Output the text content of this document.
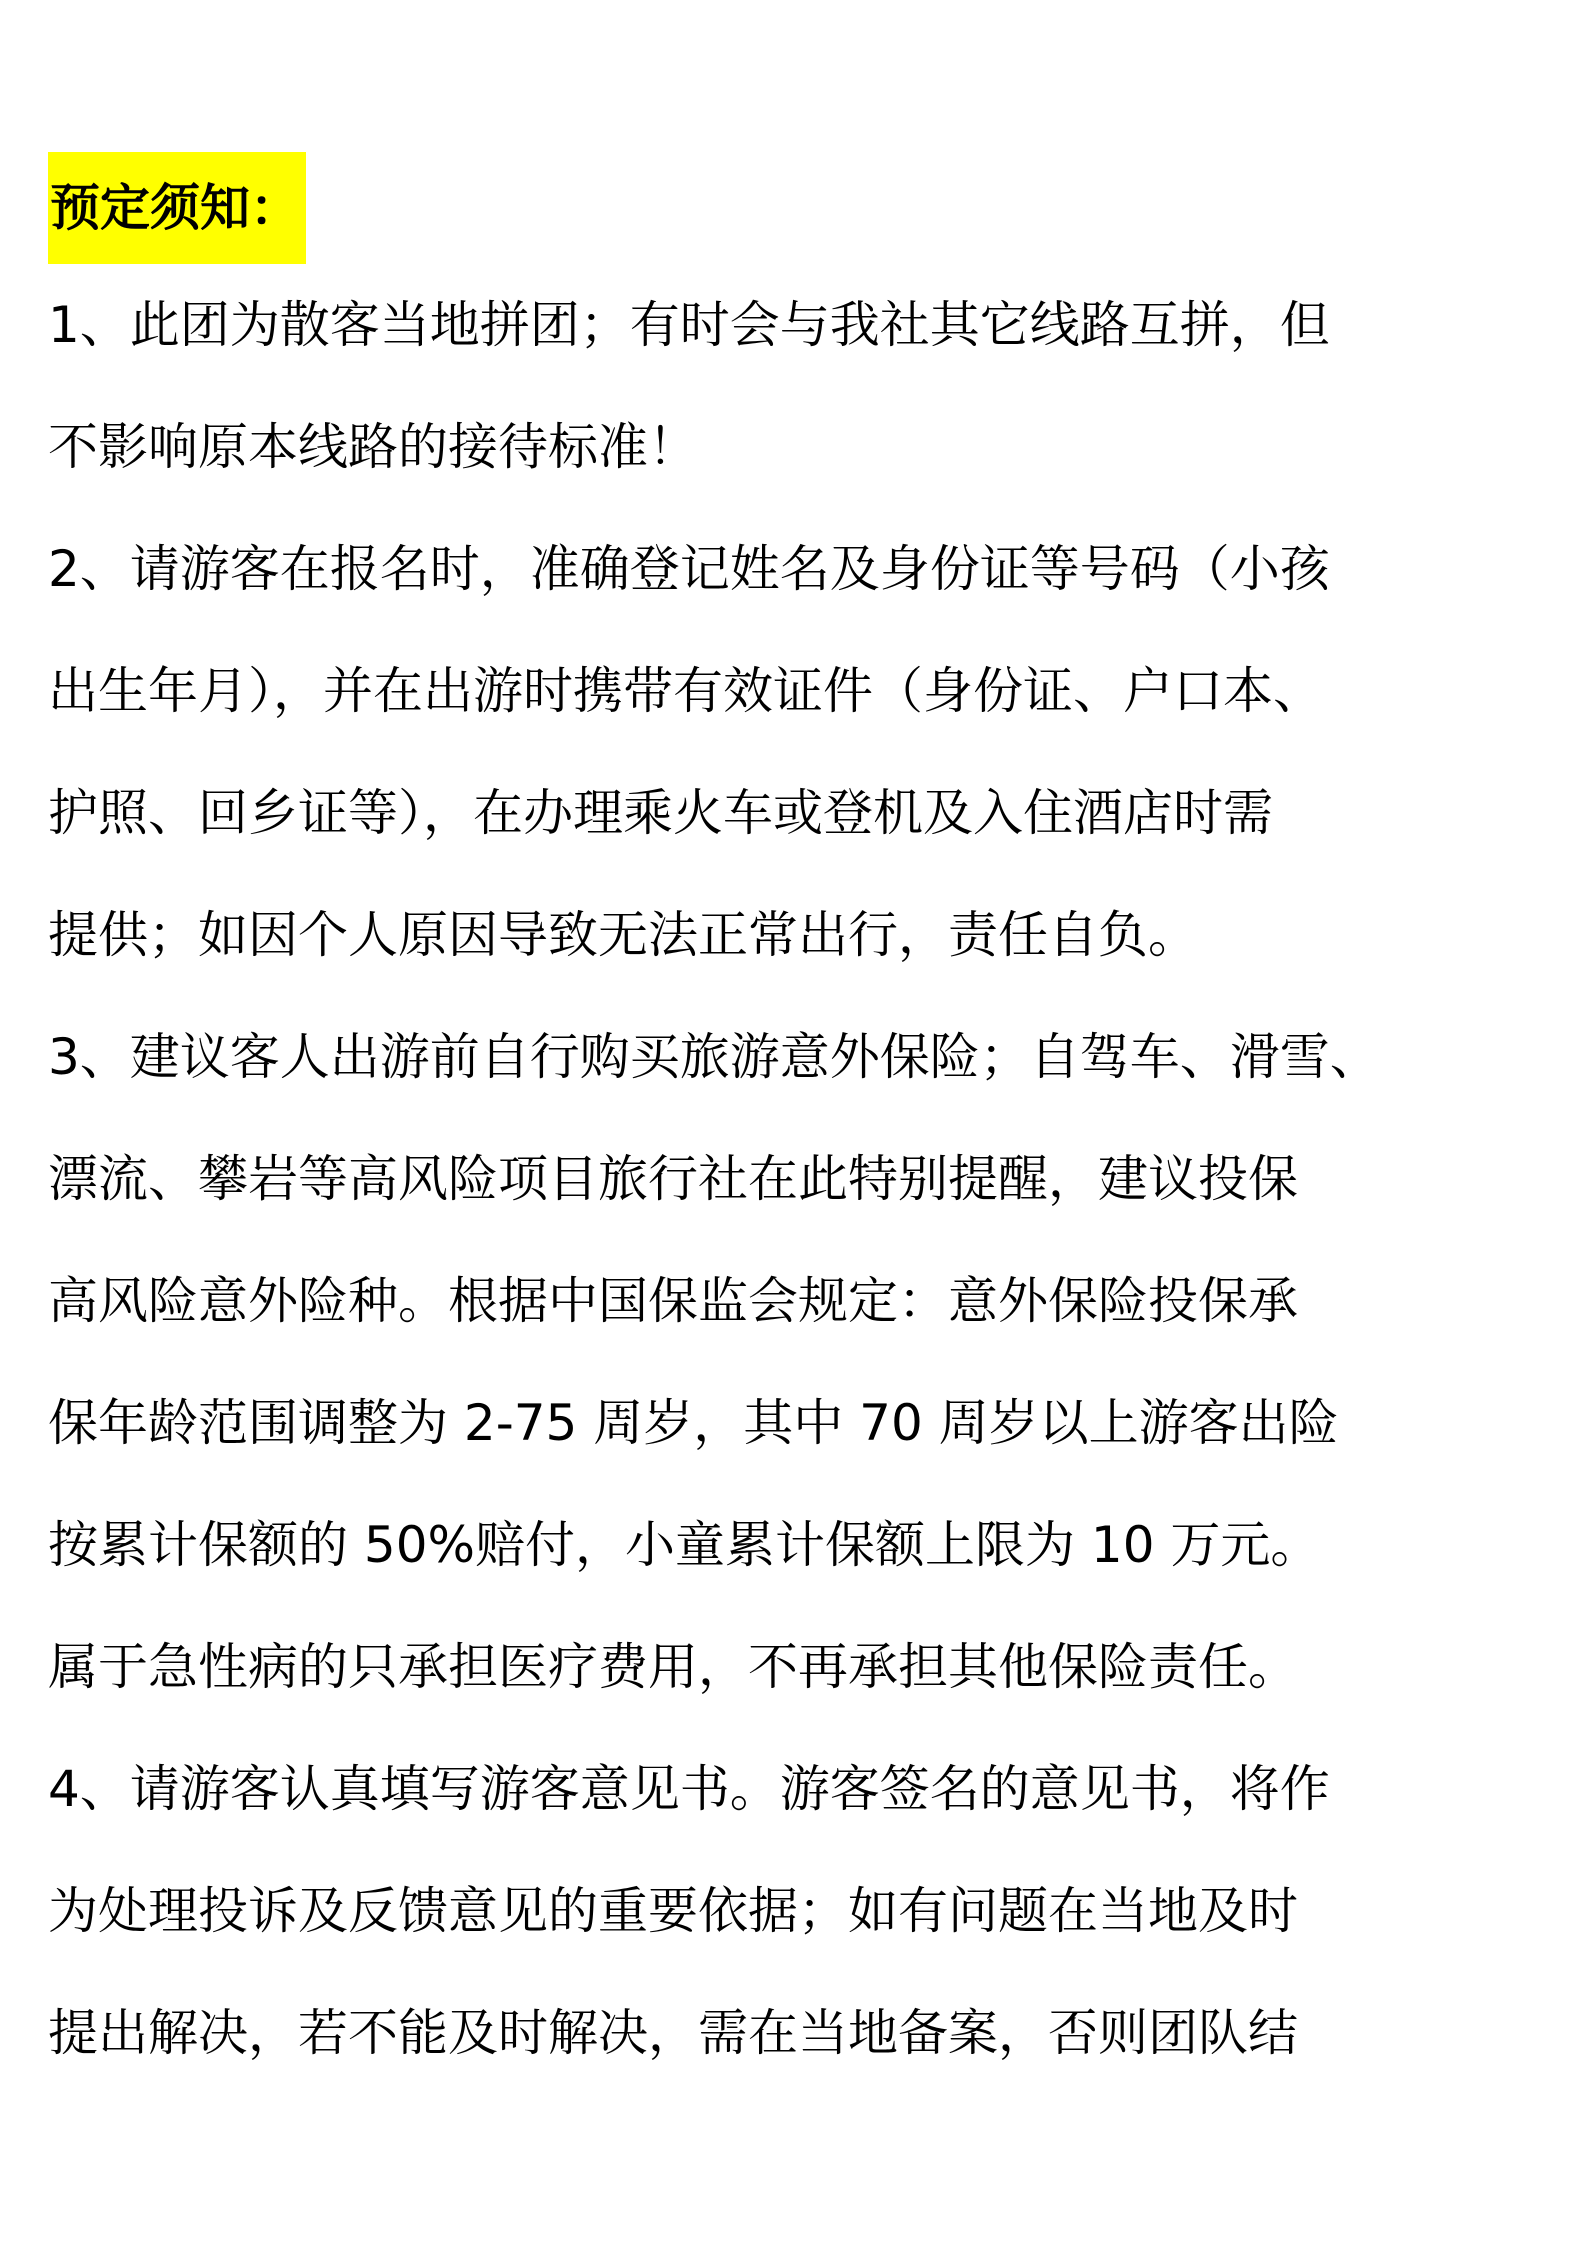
预定须知：
1、此团为散客当地拼团；有时会与我社其它线路互拼，但
不影响原本线路的接待标准！
2、请游客在报名时，准确登记姓名及身份证等号码（小孩
出生年月），并在出游时携带有效证件（身份证、户口本、
护照、回乡证等），在办理乘火车或登机及入住酒店时需
提供；如因个人原因导致无法正常出行，责任自负。
3、建议客人出游前自行购买旅游意外保险；自驾车、滑雪、
漂流、攀岩等高风险项目旅行社在此特别提醒，建议投保
高风险意外险种。根据中国保监会规定：意外保险投保承
保年龄范围调整为 2-75 周岁，其中 70 周岁以上游客出险
按累计保额的 50%赔付，小童累计保额上限为 10 万元。
属于急性病的只承担医疗费用，不再承担其他保险责任。
4、请游客认真填写游客意见书。游客签名的意见书，将作
为处理投诉及反馈意见的重要依据；如有问题在当地及时
提出解决，若不能及时解决，需在当地备案，否则团队结
